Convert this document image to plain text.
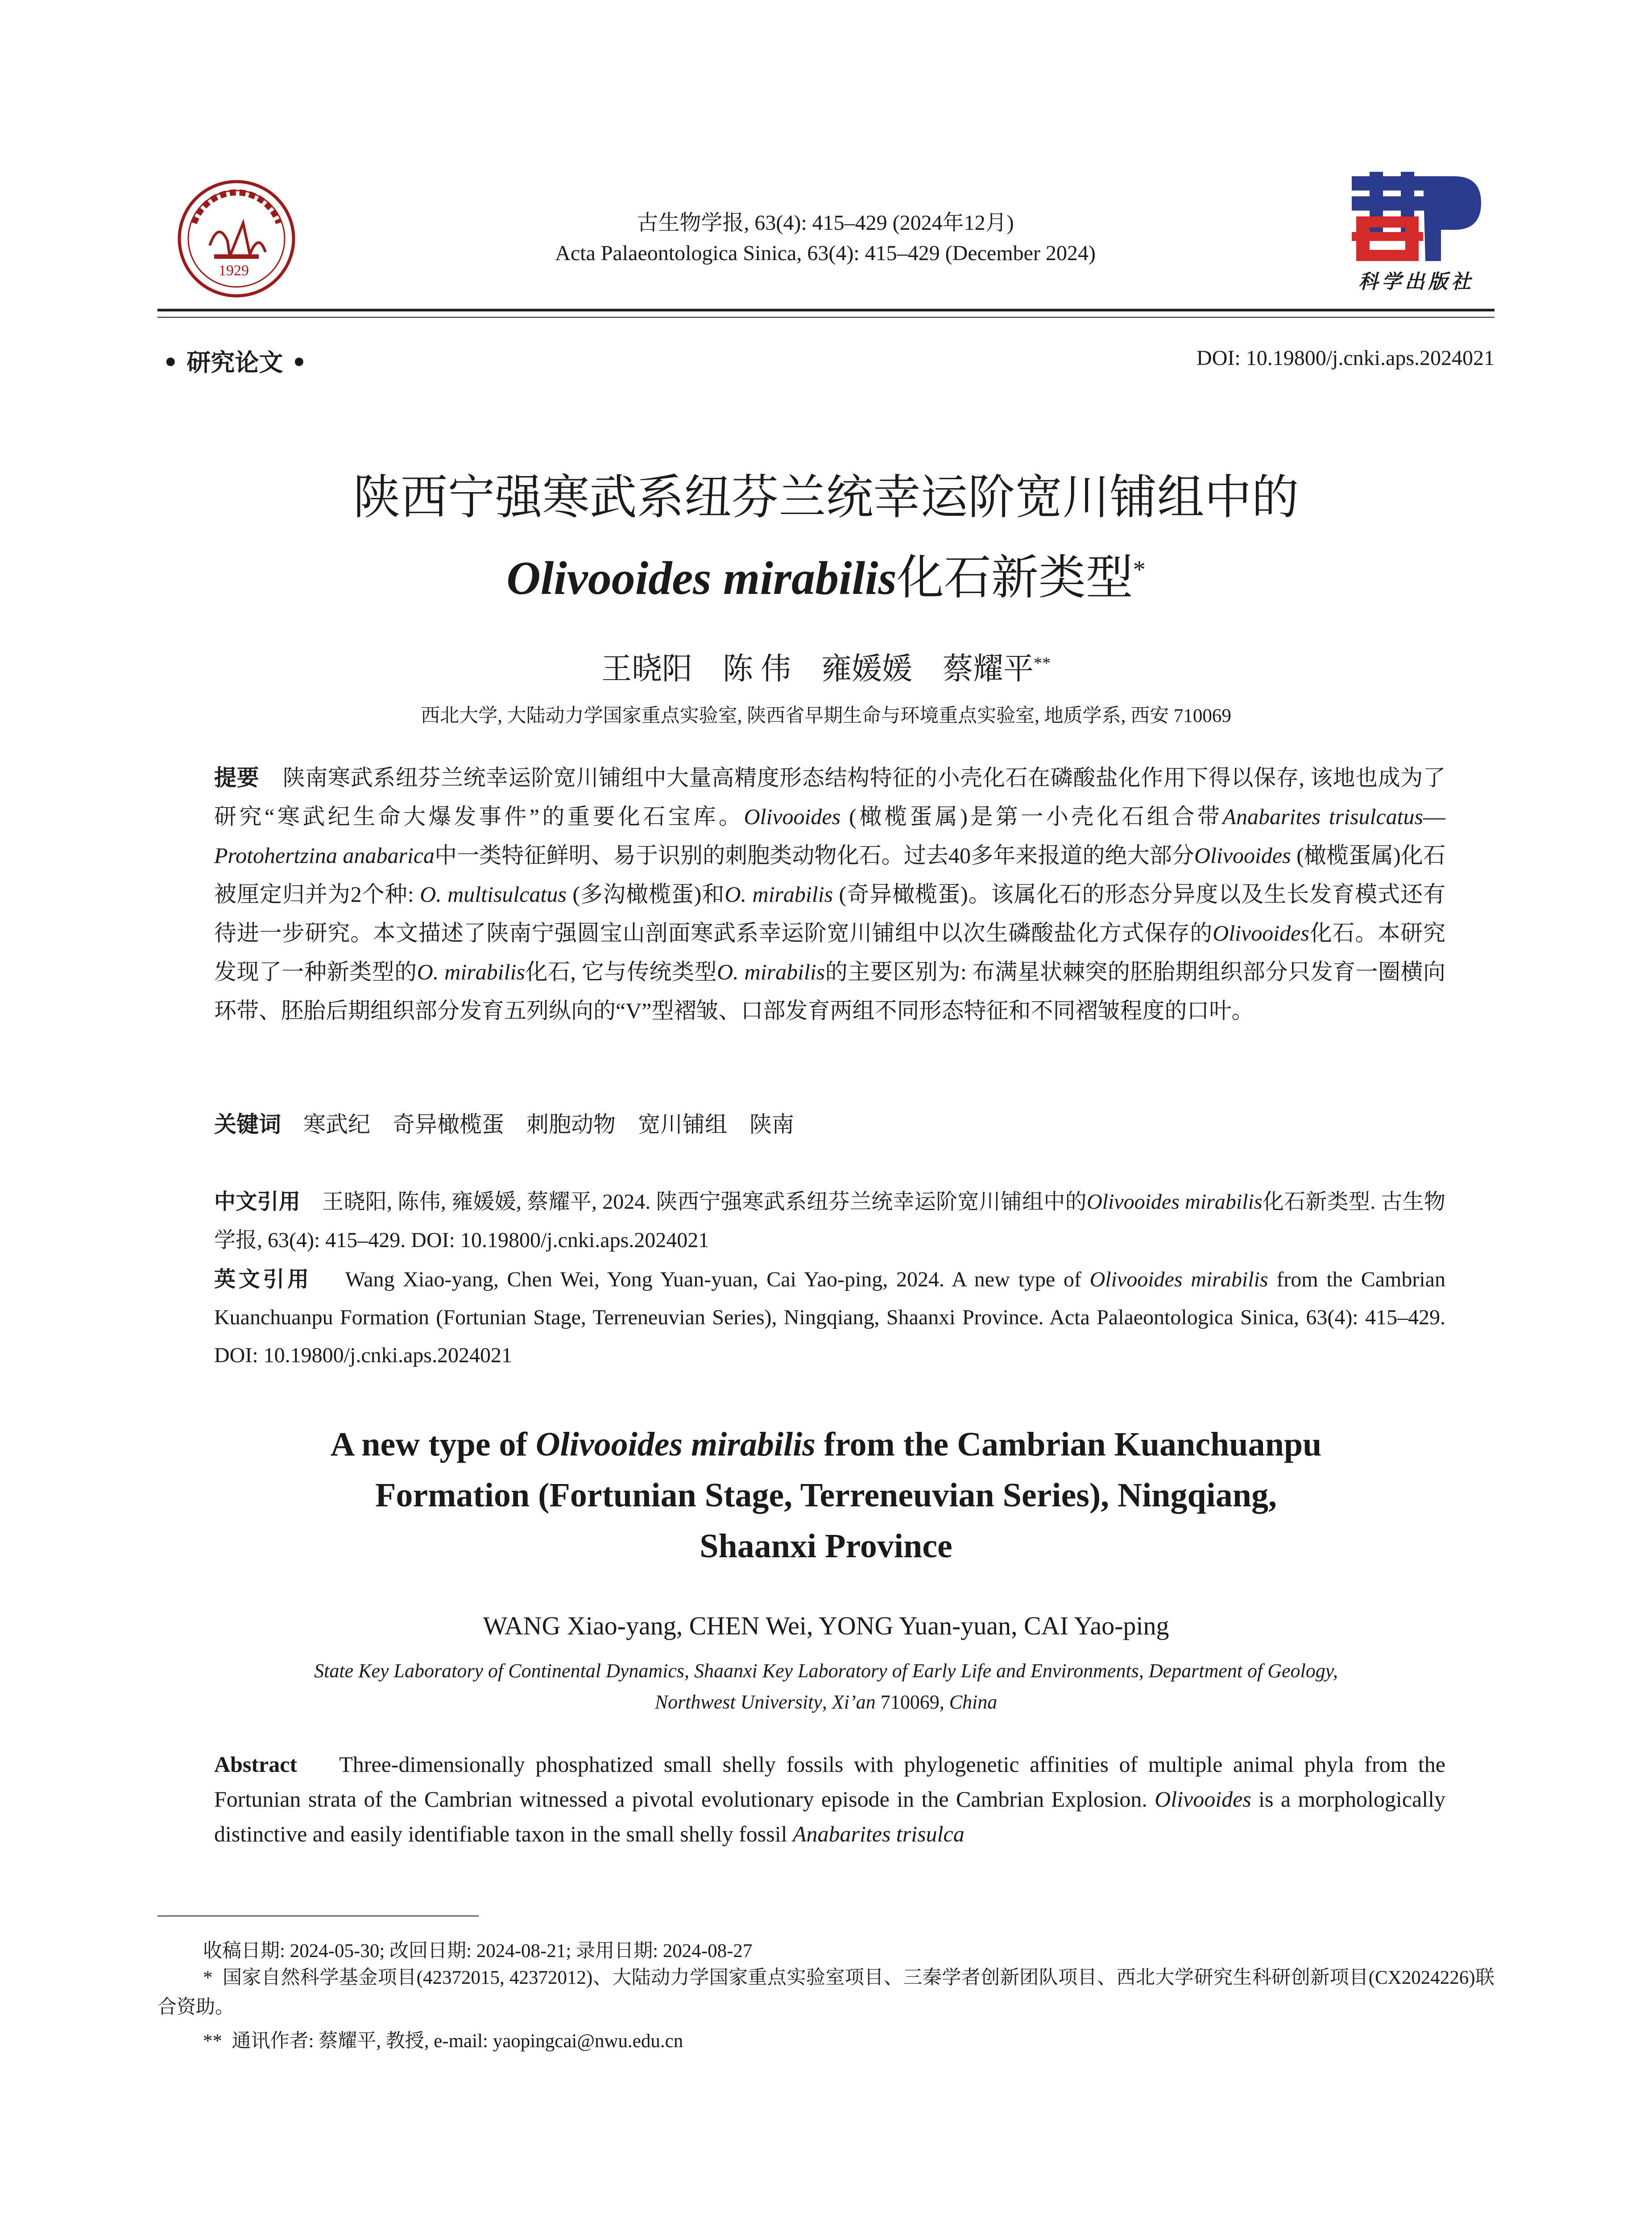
1929
古生物学报, 63(4): 415–429 (2024年12月)
Acta Palaeontologica Sinica, 63(4): 415–429 (December 2024)
科学出版社
• 研究论文 •	DOI: 10.19800/j.cnki.aps.2024021
陕西宁强寒武系纽芬兰统幸运阶宽川铺组中的
Olivooides mirabilis化石新类型*
王晓阳　陈 伟　雍媛媛　蔡耀平**
西北大学, 大陆动力学国家重点实验室, 陕西省早期生命与环境重点实验室, 地质学系, 西安 710069

提要 陕南寒武系纽芬兰统幸运阶宽川铺组中大量高精度形态结构特征的小壳化石在磷酸盐化作用下得以保存, 该地也成为了研究“寒武纪生命大爆发事件”的重要化石宝库。Olivooides (橄榄蛋属)是第一小壳化石组合带Anabarites trisulcatus—Protohertzina anabarica中一类特征鲜明、易于识别的刺胞类动物化石。过去40多年来报道的绝大部分Olivooides (橄榄蛋属)化石被厘定归并为2个种: O. multisulcatus (多沟橄榄蛋)和O. mirabilis (奇异橄榄蛋)。该属化石的形态分异度以及生长发育模式还有待进一步研究。本文描述了陕南宁强圆宝山剖面寒武系幸运阶宽川铺组中以次生磷酸盐化方式保存的Olivooides化石。本研究发现了一种新类型的O. mirabilis化石, 它与传统类型O. mirabilis的主要区别为: 布满星状棘突的胚胎期组织部分只发育一圈横向环带、胚胎后期组织部分发育五列纵向的“V”型褶皱、口部发育两组不同形态特征和不同褶皱程度的口叶。

关键词 寒武纪　奇异橄榄蛋　刺胞动物　宽川铺组　陕南

中文引用 王晓阳, 陈伟, 雍媛媛, 蔡耀平, 2024. 陕西宁强寒武系纽芬兰统幸运阶宽川铺组中的Olivooides mirabilis化石新类型. 古生物学报, 63(4): 415–429. DOI: 10.19800/j.cnki.aps.2024021

英文引用 Wang Xiao-yang, Chen Wei, Yong Yuan-yuan, Cai Yao-ping, 2024. A new type of Olivooides mirabilis from the Cambrian Kuanchuanpu Formation (Fortunian Stage, Terreneuvian Series), Ningqiang, Shaanxi Province. Acta Palaeontologica Sinica, 63(4): 415–429. DOI: 10.19800/j.cnki.aps.2024021

A new type of Olivooides mirabilis from the Cambrian Kuanchuanpu
Formation (Fortunian Stage, Terreneuvian Series), Ningqiang,
Shaanxi Province
WANG Xiao-yang, CHEN Wei, YONG Yuan-yuan, CAI Yao-ping
State Key Laboratory of Continental Dynamics, Shaanxi Key Laboratory of Early Life and Environments, Department of Geology,
Northwest University, Xi’an 710069, China

Abstract Three-dimensionally phosphatized small shelly fossils with phylogenetic affinities of multiple animal phyla from the Fortunian strata of the Cambrian witnessed a pivotal evolutionary episode in the Cambrian Explosion. Olivooides is a morphologically distinctive and easily identifiable taxon in the small shelly fossil Anabarites trisulca

收稿日期: 2024-05-30; 改回日期: 2024-08-21; 录用日期: 2024-08-27

* 国家自然科学基金项目(42372015, 42372012)、大陆动力学国家重点实验室项目、三秦学者创新团队项目、西北大学研究生科研创新项目(CX2024226)联合资助。

** 通讯作者: 蔡耀平, 教授, e-mail: yaopingcai@nwu.edu.cn
